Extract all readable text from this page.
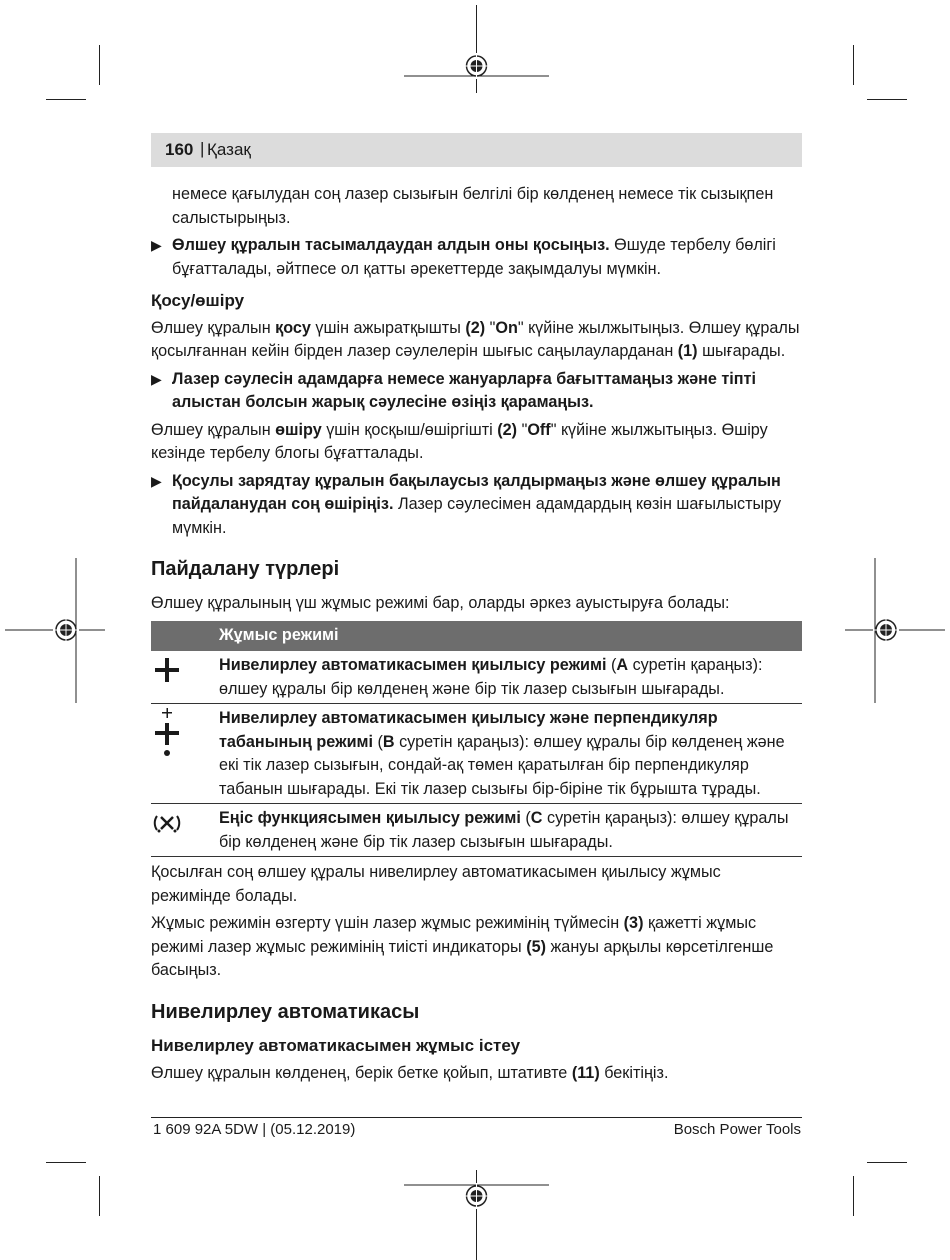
160 | Қазақ

немесе қағылудан соң лазер сызығын белгілі бір көлденең немесе тік сызықпен салыстырыңыз.

▶ Өлшеу құралын тасымалдаудан алдын оны қосыңыз. Өшуде тербелу бөлігі бұғатталады, әйтпесе ол қатты әрекеттерде зақымдалуы мүмкін.
Қосу/өшіру

Өлшеу құралын қосу үшін ажыратқышты (2) "On" күйіне жылжытыңыз. Өлшеу құралы қосылғаннан кейін бірден лазер сәулелерін шығыс саңылауларданан (1) шығарады.

▶ Лазер сәулесін адамдарға немесе жануарларға бағыттамаңыз және тіпті алыстан болсын жарық сәулесіне өзіңіз қарамаңыз.

Өлшеу құралын өшіру үшін қосқыш/өшіргішті (2) "Off" күйіне жылжытыңыз. Өшіру кезінде тербелу блогы бұғатталады.

▶ Қосулы зарядтау құралын бақылаусыз қалдырмаңыз және өлшеу құралын пайдаланудан соң өшіріңіз. Лазер сәулесімен адамдардың көзін шағылыстыру мүмкін.
Пайдалану түрлері

Өлшеу құралының үш жұмыс режимі бар, оларды әркез ауыстыруға болады:

Жұмыс режимі	
	Нивелирлеу автоматикасымен қиылысу режимі (A суретін қараңыз): өлшеу құралы бір көлденең және бір тік лазер сызығын шығарады.
	Нивелирлеу автоматикасымен қиылысу және перпендикуляр табанының режимі (B суретін қараңыз): өлшеу құралы бір көлденең және екі тік лазер сызығын, сондай-ақ төмен қаратылған бір перпендикуляр табанын шығарады. Екі тік лазер сызығы бір-біріне тік бұрышта тұрады.
	Еңіс функциясымен қиылысу режимі (C суретін қараңыз): өлшеу құралы бір көлденең және бір тік лазер сызығын шығарады.

Қосылған соң өлшеу құралы нивелирлеу автоматикасымен қиылысу жұмыс режимінде болады.

Жұмыс режимін өзгерту үшін лазер жұмыс режимінің түймесін (3) қажетті жұмыс режимі лазер жұмыс режимінің тиісті индикаторы (5) жануы арқылы көрсетілгенше басыңыз.

Нивелирлеу автоматикасы
Нивелирлеу автоматикасымен жұмыс істеу

Өлшеу құралын көлденең, берік бетке қойып, штативте (11) бекітіңіз.

1 609 92A 5DW | (05.12.2019)	Bosch Power Tools
